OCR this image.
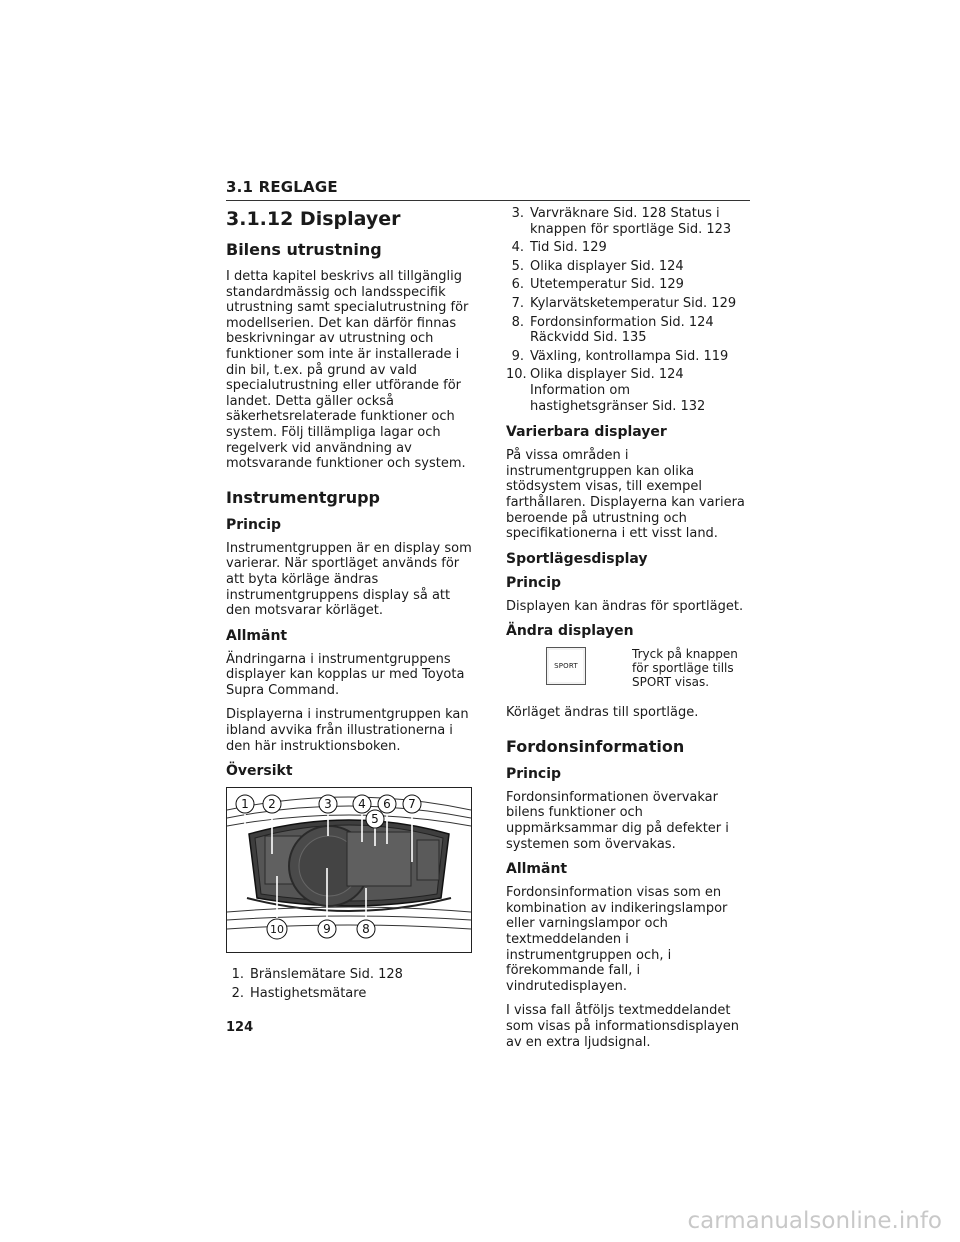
3.1 REGLAGE
3.1.12 Displayer
Bilens utrustning

I detta kapitel beskrivs all tillgänglig standardmässig och landsspecifik utrustning samt specialutrustning för modellserien. Det kan därför finnas beskrivningar av utrustning och funktioner som inte är installerade i din bil, t.ex. på grund av vald specialutrustning eller utförande för landet. Detta gäller också säkerhetsrelaterade funktioner och system. Följ tillämpliga lagar och regelverk vid användning av motsvarande funktioner och system.

Instrumentgrupp
Princip

Instrumentgruppen är en display som varierar. När sportläget används för att byta körläge ändras instrumentgruppens display så att den motsvarar körläget.

Allmänt

Ändringarna i instrumentgruppens displayer kan kopplas ur med Toyota Supra Command.

Displayerna i instrumentgruppen kan ibland avvika från illustrationerna i den här instruktionsboken.

Översikt
1 2	3 4 6 7
5
10	9	8
1. Bränslemätare Sid. 128
2. Hastighetsmätare
3. Varvräknare Sid. 128 Status i knappen för sportläge Sid. 123
4. Tid Sid. 129
5. Olika displayer Sid. 124
6. Utetemperatur Sid. 129
7. Kylarvätsketemperatur Sid. 129
8. Fordonsinformation Sid. 124 Räckvidd Sid. 135
9. Växling, kontrollampa Sid. 119
10. Olika displayer Sid. 124 Information om hastighetsgränser Sid. 132
Varierbara displayer

På vissa områden i instrumentgruppen kan olika stödsystem visas, till exempel farthållaren. Displayerna kan variera beroende på utrustning och specifikationerna i ett visst land.

Sportlägesdisplay
Princip

Displayen kan ändras för sportläget.

Ändra displayen
SPORT
Tryck på knappen för sportläge tills SPORT visas.

Körläget ändras till sportläge.

Fordonsinformation
Princip

Fordonsinformationen övervakar bilens funktioner och uppmärksammar dig på defekter i systemen som övervakas.

Allmänt

Fordonsinformation visas som en kombination av indikeringslampor eller varningslampor och textmeddelanden i instrumentgruppen och, i förekommande fall, i vindrutedisplayen.

I vissa fall åtföljs textmeddelandet som visas på informationsdisplayen av en extra ljudsignal.

124
carmanualsonline.info
